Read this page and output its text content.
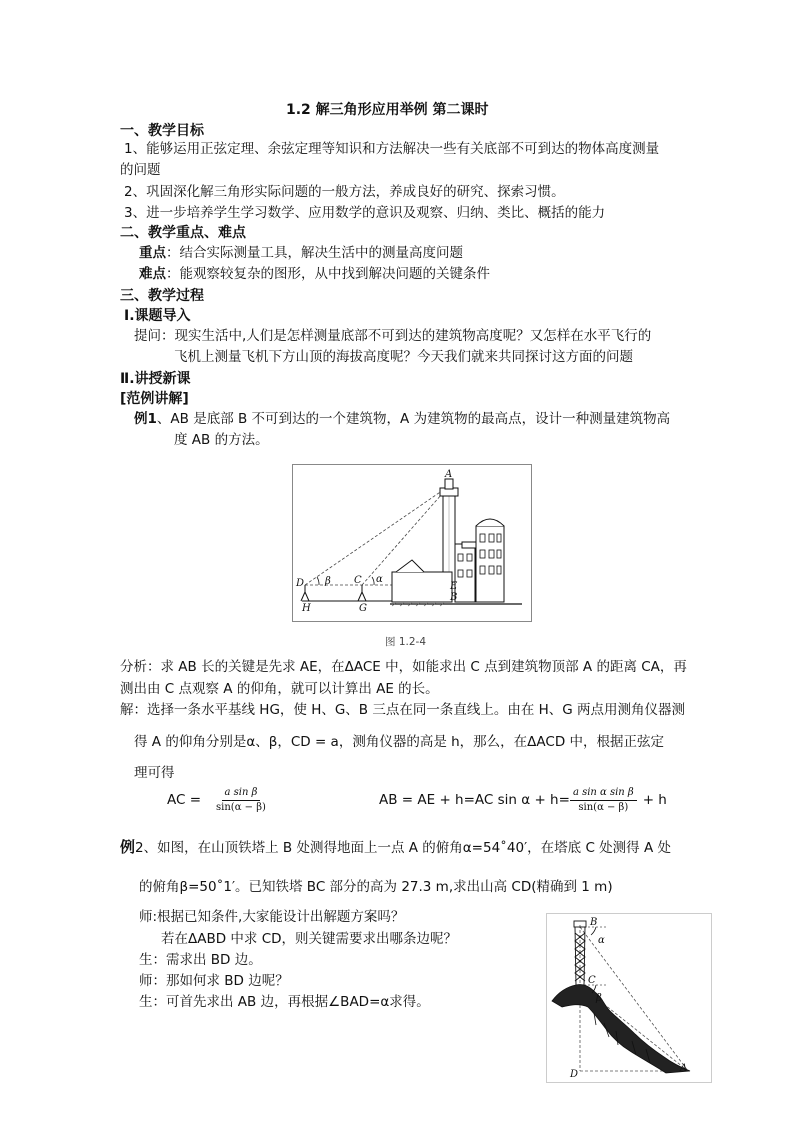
1.2 解三角形应用举例 第二课时
一、教学目标
1、能够运用正弦定理、余弦定理等知识和方法解决一些有关底部不可到达的物体高度测量
的问题
2、巩固深化解三角形实际问题的一般方法，养成良好的研究、探索习惯。
3、进一步培养学生学习数学、应用数学的意识及观察、归纳、类比、概括的能力
二、教学重点、难点
重点：结合实际测量工具，解决生活中的测量高度问题
难点：能观察较复杂的图形，从中找到解决问题的关键条件
三、教学过程
Ⅰ.课题导入
提问：现实生活中,人们是怎样测量底部不可到达的建筑物高度呢？又怎样在水平飞行的
飞机上测量飞机下方山顶的海拔高度呢？今天我们就来共同探讨这方面的问题
Ⅱ.讲授新课
[范例讲解]
例1、AB 是底部 B 不可到达的一个建筑物，A 为建筑物的最高点，设计一种测量建筑物高
度 AB 的方法。
A
D	C
β	α
E
B
H	G
图 1.2-4
分析：求 AB 长的关键是先求 AE，在ΔACE 中，如能求出 C 点到建筑物顶部 A 的距离 CA，再
测出由 C 点观察 A 的仰角，就可以计算出 AE 的长。
解：选择一条水平基线 HG，使 H、G、B 三点在同一条直线上。由在 H、G 两点用测角仪器测
得 A 的仰角分别是α、β，CD = a，测角仪器的高是 h，那么，在ΔACD 中，根据正弦定
理可得
AC = $\frac{\text{a sin β}}{\sin(\alpha - \beta)}$	AB = AE + h=AC $\sin \alpha + h= \frac{\text{a sin α sin β}}{\sin(\alpha - \beta)} + h$
例2、如图，在山顶铁塔上 B 处测得地面上一点 A 的俯角α=54˚40′，在塔底 C 处测得 A 处
的俯角β=50˚1′。已知铁塔 BC 部分的高为 27.3 m,求出山高 CD(精确到 1 m)
师:根据已知条件,大家能设计出解题方案吗？
若在ΔABD 中求 CD，则关键需要求出哪条边呢？
生：需求出 BD 边。
师：那如何求 BD 边呢？
生：可首先求出 AB 边，再根据∠BAD=α求得。
B
α
C
β
D
A
